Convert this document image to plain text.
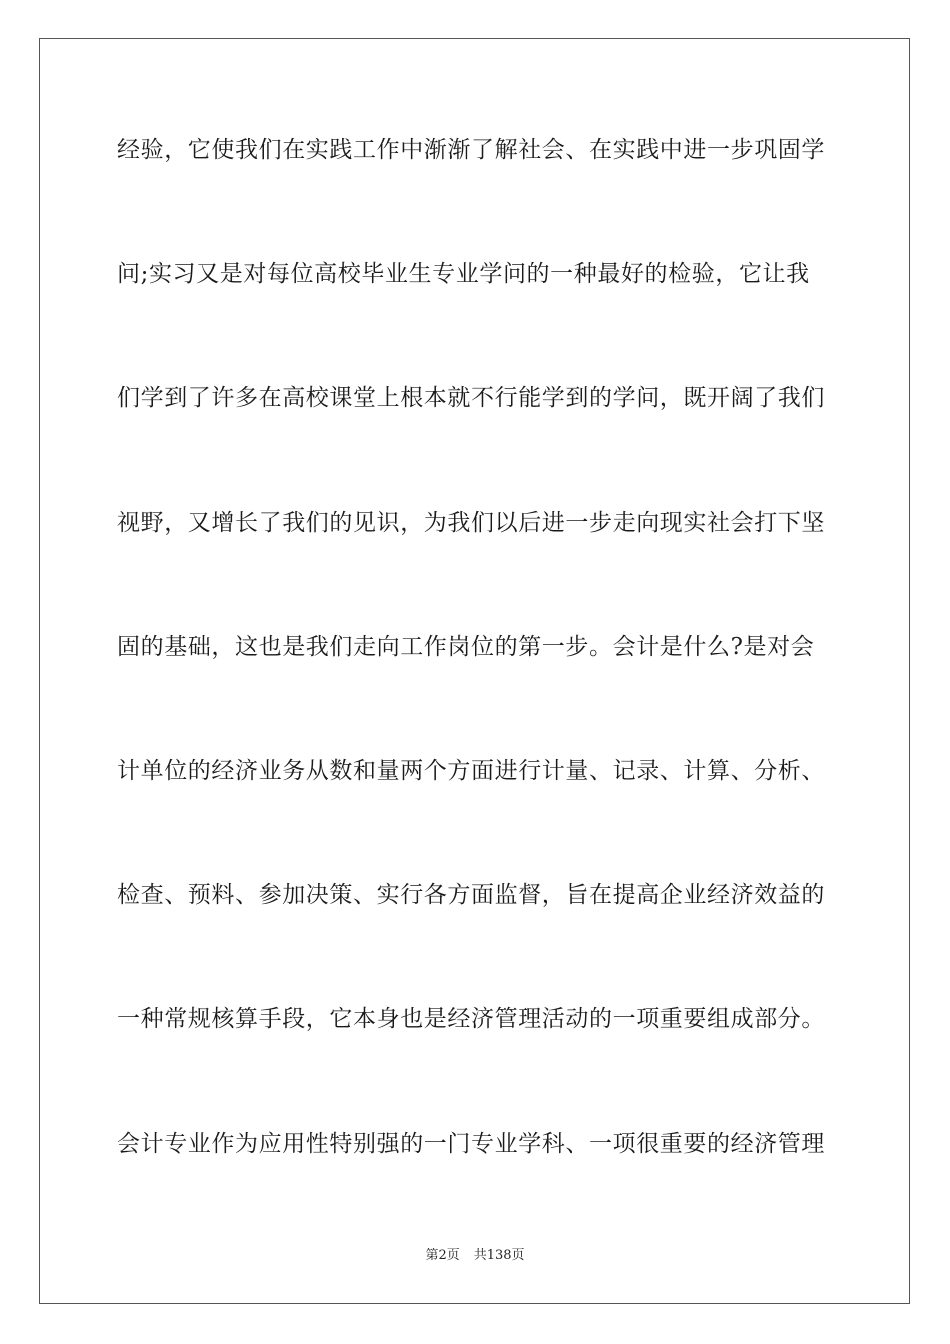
经验，它使我们在实践工作中渐渐了解社会、在实践中进一步巩固学
问;实习又是对每位高校毕业生专业学问的一种最好的检验，它让我
们学到了许多在高校课堂上根本就不行能学到的学问，既开阔了我们
视野，又增长了我们的见识，为我们以后进一步走向现实社会打下坚
固的基础，这也是我们走向工作岗位的第一步。会计是什么?是对会
计单位的经济业务从数和量两个方面进行计量、记录、计算、分析、
检查、预料、参加决策、实行各方面监督，旨在提高企业经济效益的
一种常规核算手段，它本身也是经济管理活动的一项重要组成部分。
会计专业作为应用性特别强的一门专业学科、一项很重要的经济管理
第2页 共138页
